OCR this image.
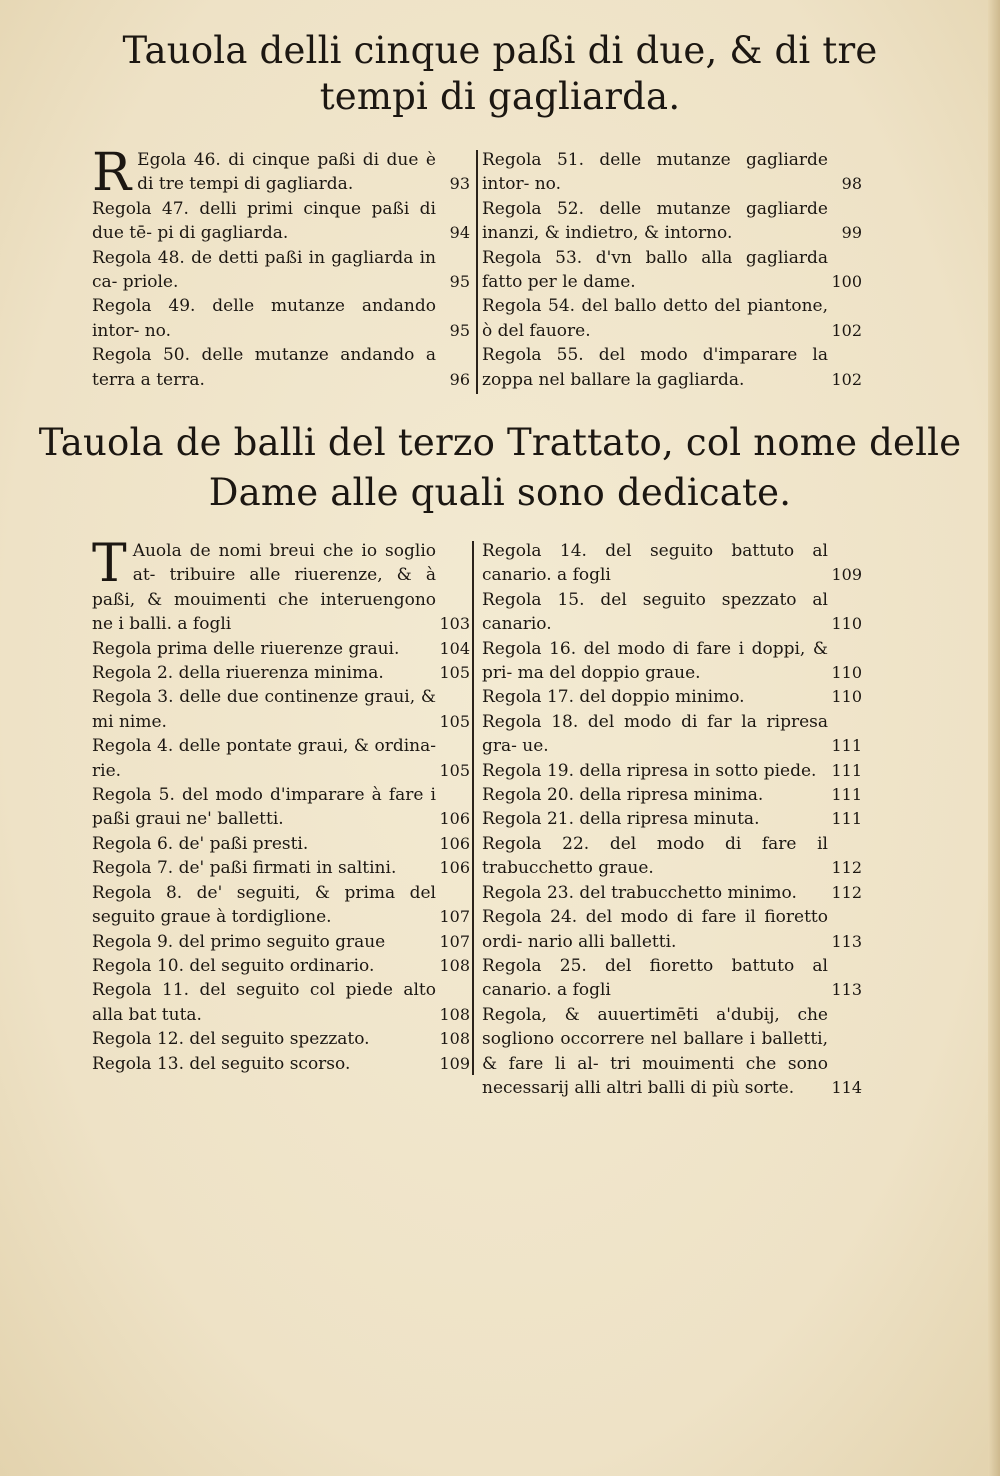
Tauola delli cinque paßi di due, & di tre
tempi di gagliarda.
R Egola 46. di cinque paßi di due è di tre tempi di gagliarda.	93
Regola 47. delli primi cinque paßi di due tē- pi di gagliarda.	94
Regola 48. de detti paßi in gagliarda in ca- priole.	95
Regola 49. delle mutanze andando intor- no.	95
Regola 50. delle mutanze andando a terra a terra.	96
Regola 51. delle mutanze gagliarde intor- no.	98
Regola 52. delle mutanze gagliarde inanzi, & indietro, & intorno.	99
Regola 53. d'vn ballo alla gagliarda fatto per le dame.	100
Regola 54. del ballo detto del piantone, ò del fauore.	102
Regola 55. del modo d'imparare la zoppa nel ballare la gagliarda.	102
Tauola de balli del terzo Trattato, col nome delle
Dame alle quali sono dedicate.
T Auola de nomi breui che io soglio at- tribuire alle riuerenze, & à paßi, & mouimenti che interuengono ne i balli. a fogli	103
Regola prima delle riuerenze graui.	104
Regola 2. della riuerenza minima.	105
Regola 3. delle due continenze graui, & mi nime.	105
Regola 4. delle pontate graui, & ordina- rie.	105
Regola 5. del modo d'imparare à fare i paßi graui ne' balletti.	106
Regola 6. de' paßi presti.	106
Regola 7. de' paßi firmati in saltini.	106
Regola 8. de' seguiti, & prima del seguito graue à tordiglione.	107
Regola 9. del primo seguito graue	107
Regola 10. del seguito ordinario.	108
Regola 11. del seguito col piede alto alla bat tuta.	108
Regola 12. del seguito spezzato.	108
Regola 13. del seguito scorso.	109
Regola 14. del seguito battuto al canario. a fogli	109
Regola 15. del seguito spezzato al canario.	110
Regola 16. del modo di fare i doppi, & pri- ma del doppio graue.	110
Regola 17. del doppio minimo.	110
Regola 18. del modo di far la ripresa gra- ue.	111
Regola 19. della ripresa in sotto piede. 111
Regola 20. della ripresa minima.	111
Regola 21. della ripresa minuta.	111
Regola 22. del modo di fare il trabucchetto graue.	112
Regola 23. del trabucchetto minimo.	112
Regola 24. del modo di fare il fioretto ordi- nario alli balletti.	113
Regola 25. del fioretto battuto al canario. a fogli	113
Regola, & auuertimēti a'dubij, che sogliono occorrere nel ballare i balletti, & fare li al- tri mouimenti che sono necessarij alli altri balli di più sorte.	114
